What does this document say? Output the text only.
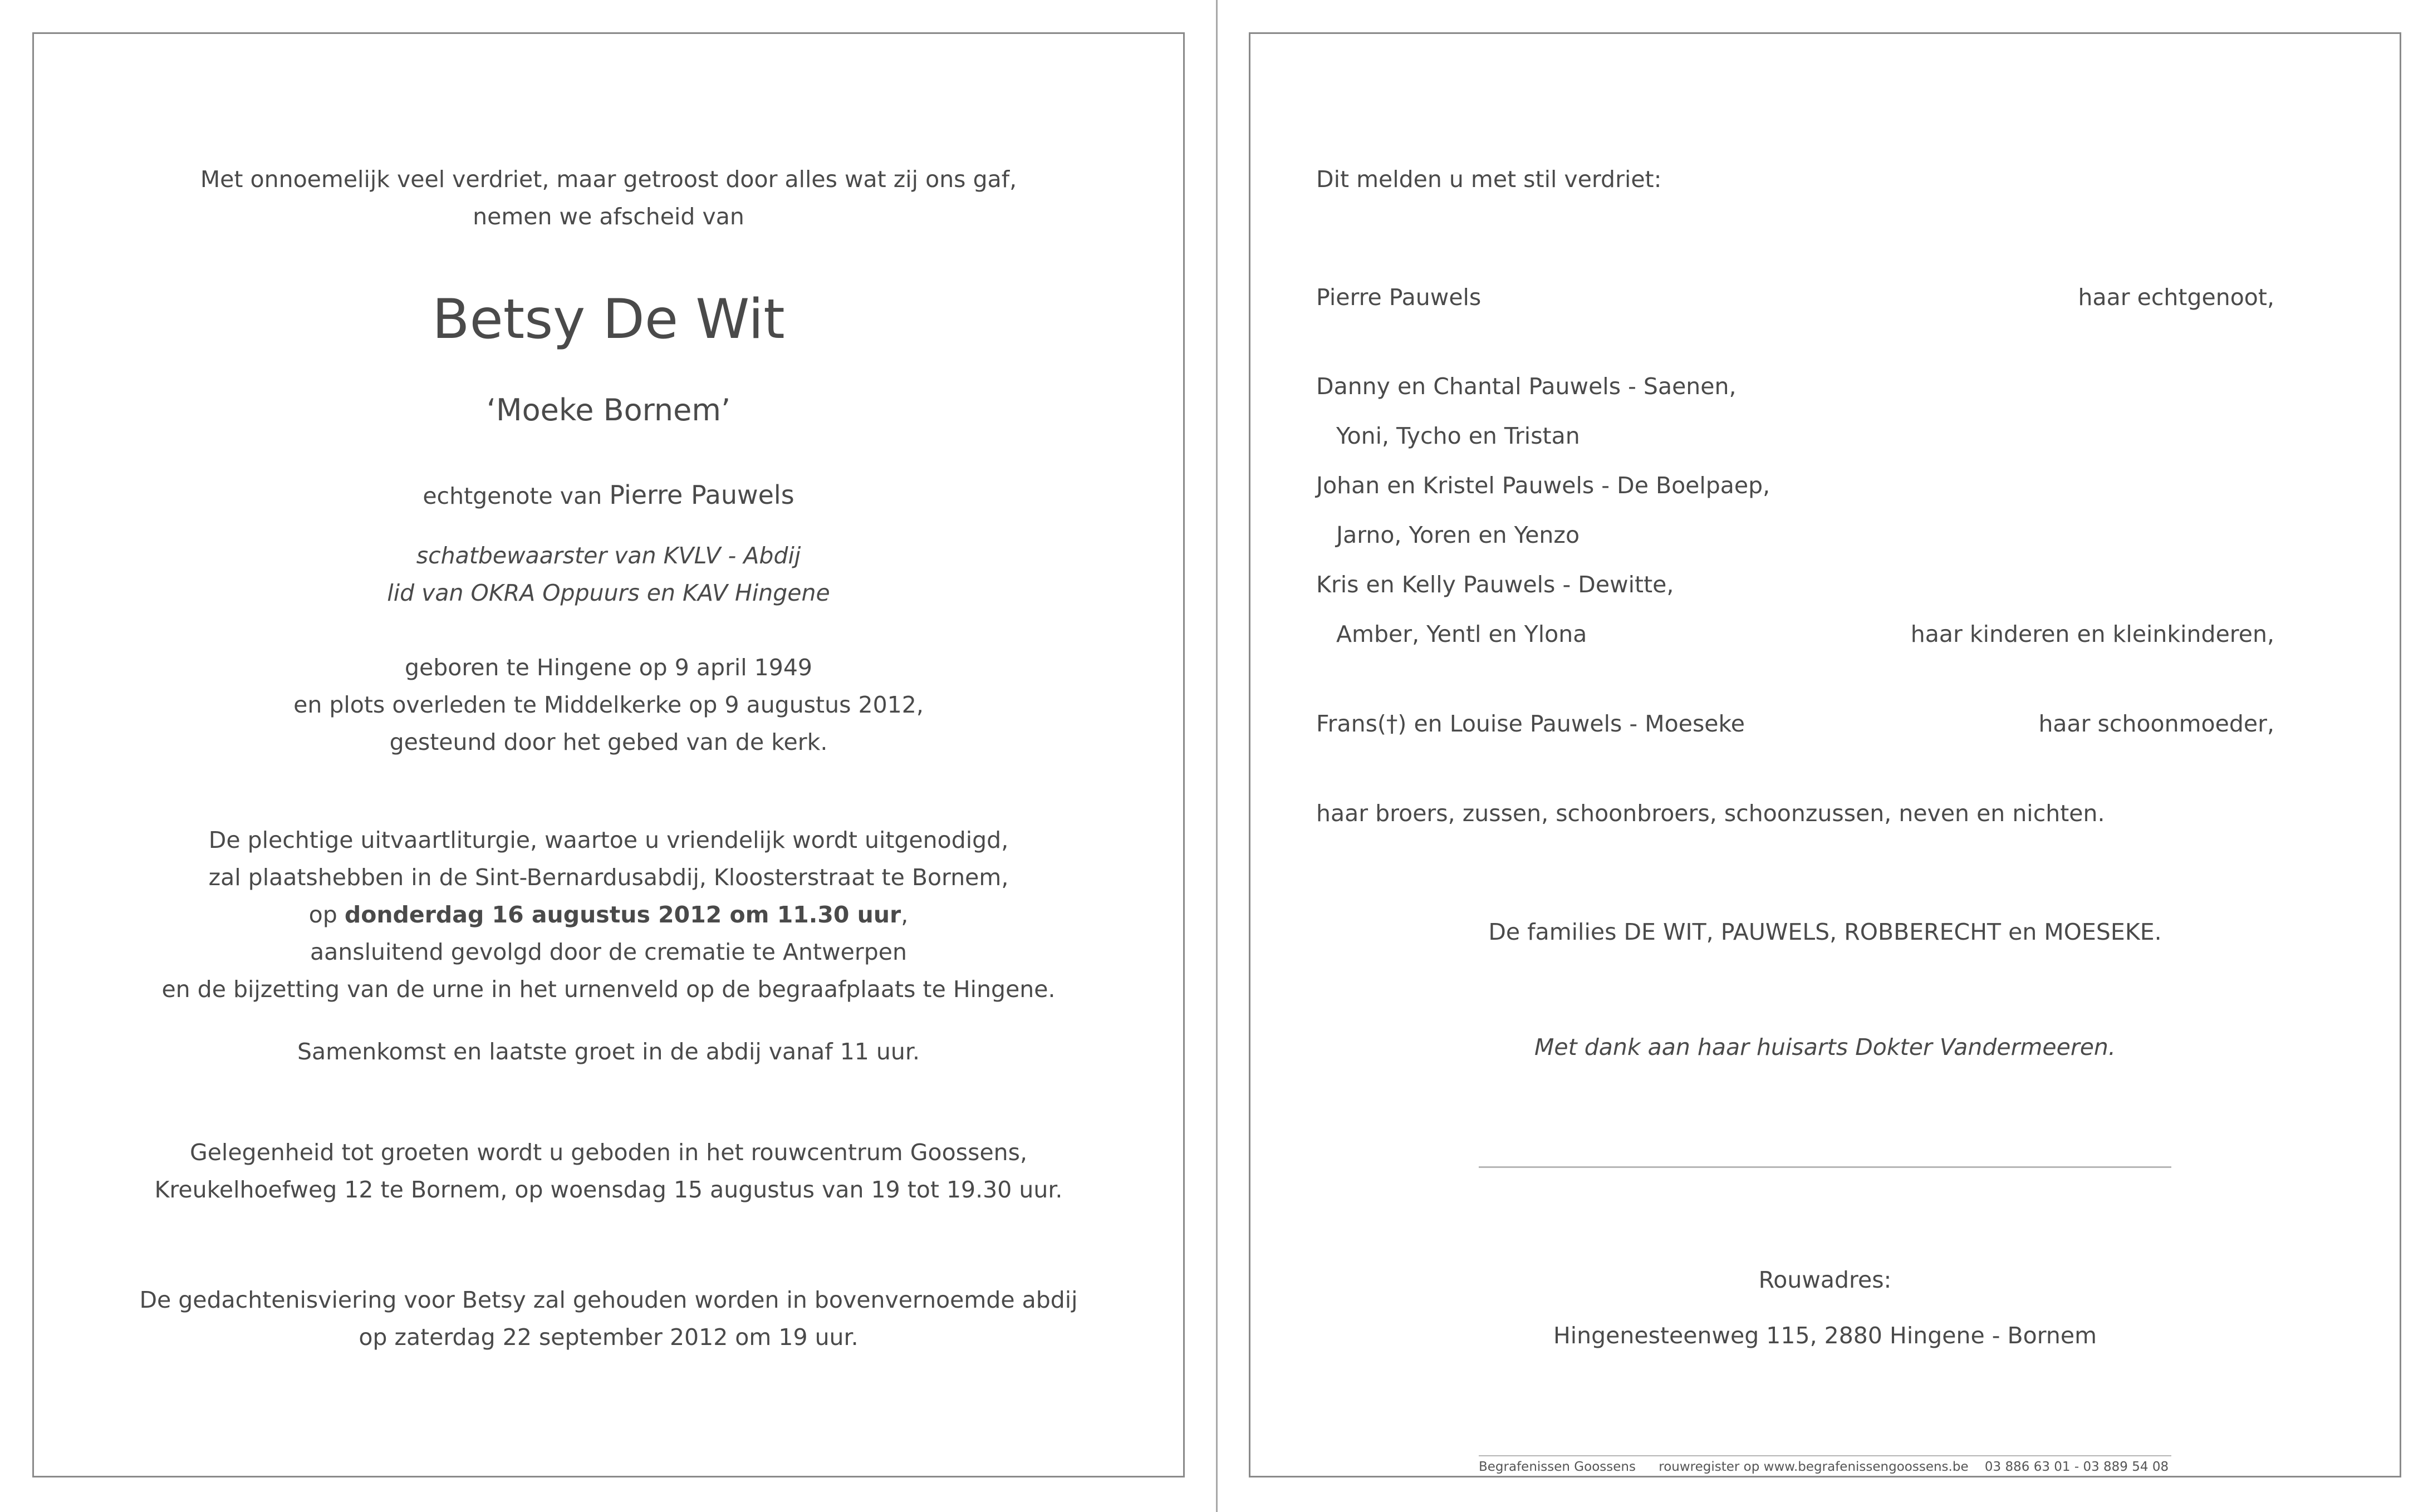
Met onnoemelijk veel verdriet, maar getroost door alles wat zij ons gaf,

nemen we afscheid van

Betsy De Wit

‘Moeke Bornem’

echtgenote van Pierre Pauwels

schatbewaarster van KVLV - Abdij

lid van OKRA Oppuurs en KAV Hingene

geboren te Hingene op 9 april 1949

en plots overleden te Middelkerke op 9 augustus 2012,

gesteund door het gebed van de kerk.

De plechtige uitvaartliturgie, waartoe u vriendelijk wordt uitgenodigd,

zal plaatshebben in de Sint-Bernardusabdij, Kloosterstraat te Bornem,

op donderdag 16 augustus 2012 om 11.30 uur,

aansluitend gevolgd door de crematie te Antwerpen

en de bijzetting van de urne in het urnenveld op de begraafplaats te Hingene.

Samenkomst en laatste groet in de abdij vanaf 11 uur.

Gelegenheid tot groeten wordt u geboden in het rouwcentrum Goossens,

Kreukelhoefweg 12 te Bornem, op woensdag 15 augustus van 19 tot 19.30 uur.

De gedachtenisviering voor Betsy zal gehouden worden in bovenvernoemde abdij

op zaterdag 22 september 2012 om 19 uur.

Dit melden u met stil verdriet:

Pierre Pauwels	haar echtgenoot,

Danny en Chantal Pauwels - Saenen,

Yoni, Tycho en Tristan

Johan en Kristel Pauwels - De Boelpaep,

Jarno, Yoren en Yenzo

Kris en Kelly Pauwels - Dewitte,

Amber, Yentl en Ylona	haar kinderen en kleinkinderen,

Frans(†) en Louise Pauwels - Moeseke	haar schoonmoeder,

haar broers, zussen, schoonbroers, schoonzussen, neven en nichten.

De families DE WIT, PAUWELS, ROBBERECHT en MOESEKE.

Met dank aan haar huisarts Dokter Vandermeeren.

Rouwadres:

Hingenesteenweg 115, 2880 Hingene - Bornem

Begrafenissen Goossens rouwregister op www.begrafenissengoossens.be 03 886 63 01 - 03 889 54 08
